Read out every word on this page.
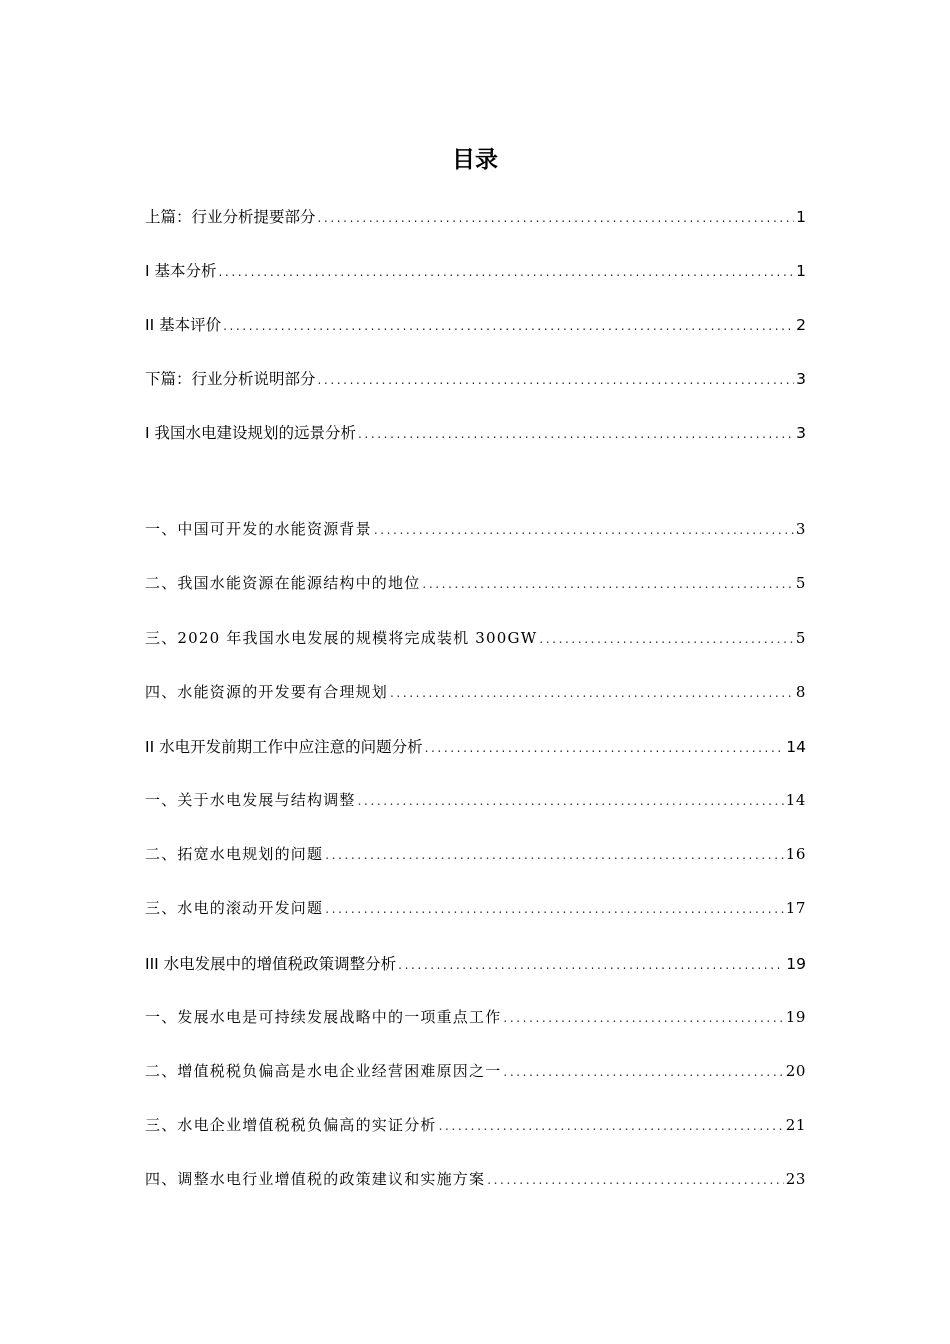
目录
上篇：行业分析提要部分 .....	1
I 基本分析 .....	1
II 基本评价 .....	2
下篇：行业分析说明部分 .....	3
I 我国水电建设规划的远景分析 .....	3
一、中国可开发的水能资源背景 .....	3
二、我国水能资源在能源结构中的地位 .....	5
三、2020 年我国水电发展的规模将完成装机 300GW .....	5
四、水能资源的开发要有合理规划 .....	8
II 水电开发前期工作中应注意的问题分析 .....	14
一、关于水电发展与结构调整 .....	14
二、拓宽水电规划的问题 .....	16
三、水电的滚动开发问题 .....	17
III 水电发展中的增值税政策调整分析 .....	19
一、发展水电是可持续发展战略中的一项重点工作 .....	19
二、增值税税负偏高是水电企业经营困难原因之一 .....	20
三、水电企业增值税税负偏高的实证分析 .....	21
四、调整水电行业增值税的政策建议和实施方案 .....	23
